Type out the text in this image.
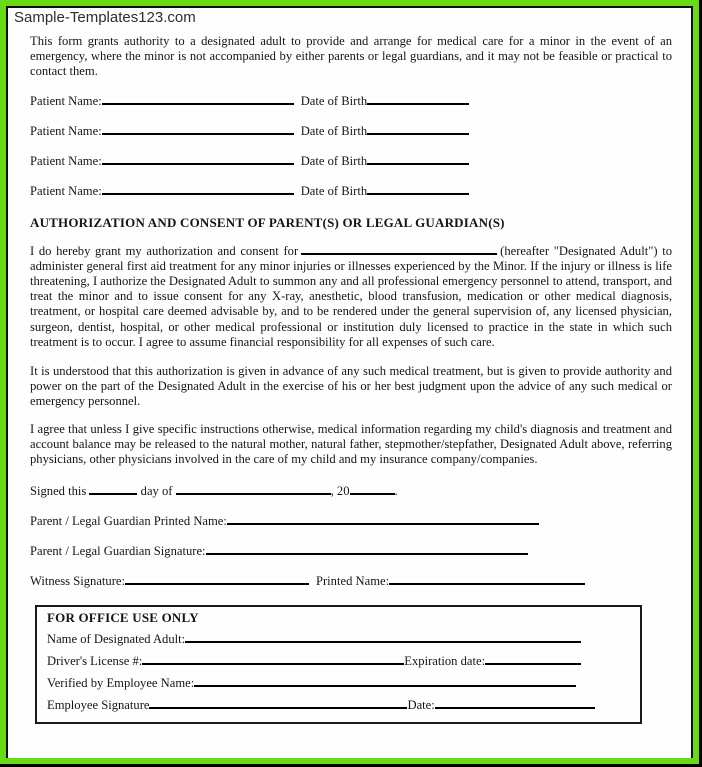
Sample-Templates123.com

This form grants authority to a designated adult to provide and arrange for medical care for a minor in the event of an emergency, where the minor is not accompanied by either parents or legal guardians, and it may not be feasible or practical to contact them.

Patient Name:	Date of Birth
Patient Name:	Date of Birth
Patient Name:	Date of Birth
Patient Name:	Date of Birth
AUTHORIZATION AND CONSENT OF PARENT(S) OR LEGAL GUARDIAN(S)

I do hereby grant my authorization and consent for	(hereafter "Designated Adult") to administer general first aid treatment for any minor injuries or illnesses experienced by the Minor. If the injury or illness is life threatening, I authorize the Designated Adult to summon any and all professional emergency personnel to attend, transport, and treat the minor and to issue consent for any X-ray, anesthetic, blood transfusion, medication or other medical diagnosis, treatment, or hospital care deemed advisable by, and to be rendered under the general supervision of, any licensed physician, surgeon, dentist, hospital, or other medical professional or institution duly licensed to practice in the state in which such treatment is to occur. I agree to assume financial responsibility for all expenses of such care.

It is understood that this authorization is given in advance of any such medical treatment, but is given to provide authority and power on the part of the Designated Adult in the exercise of his or her best judgment upon the advice of any such medical or emergency personnel.

I agree that unless I give specific instructions otherwise, medical information regarding my child's diagnosis and treatment and account balance may be released to the natural mother, natural father, stepmother/stepfather, Designated Adult above, referring physicians, other physicians involved in the care of my child and my insurance company/companies.

Signed this	day of	, 20	.
Parent / Legal Guardian Printed Name:
Parent / Legal Guardian Signature:
Witness Signature:	Printed Name:
FOR OFFICE USE ONLY
Name of Designated Adult:
Driver's License #:	Expiration date:
Verified by Employee Name:
Employee Signature	Date:
